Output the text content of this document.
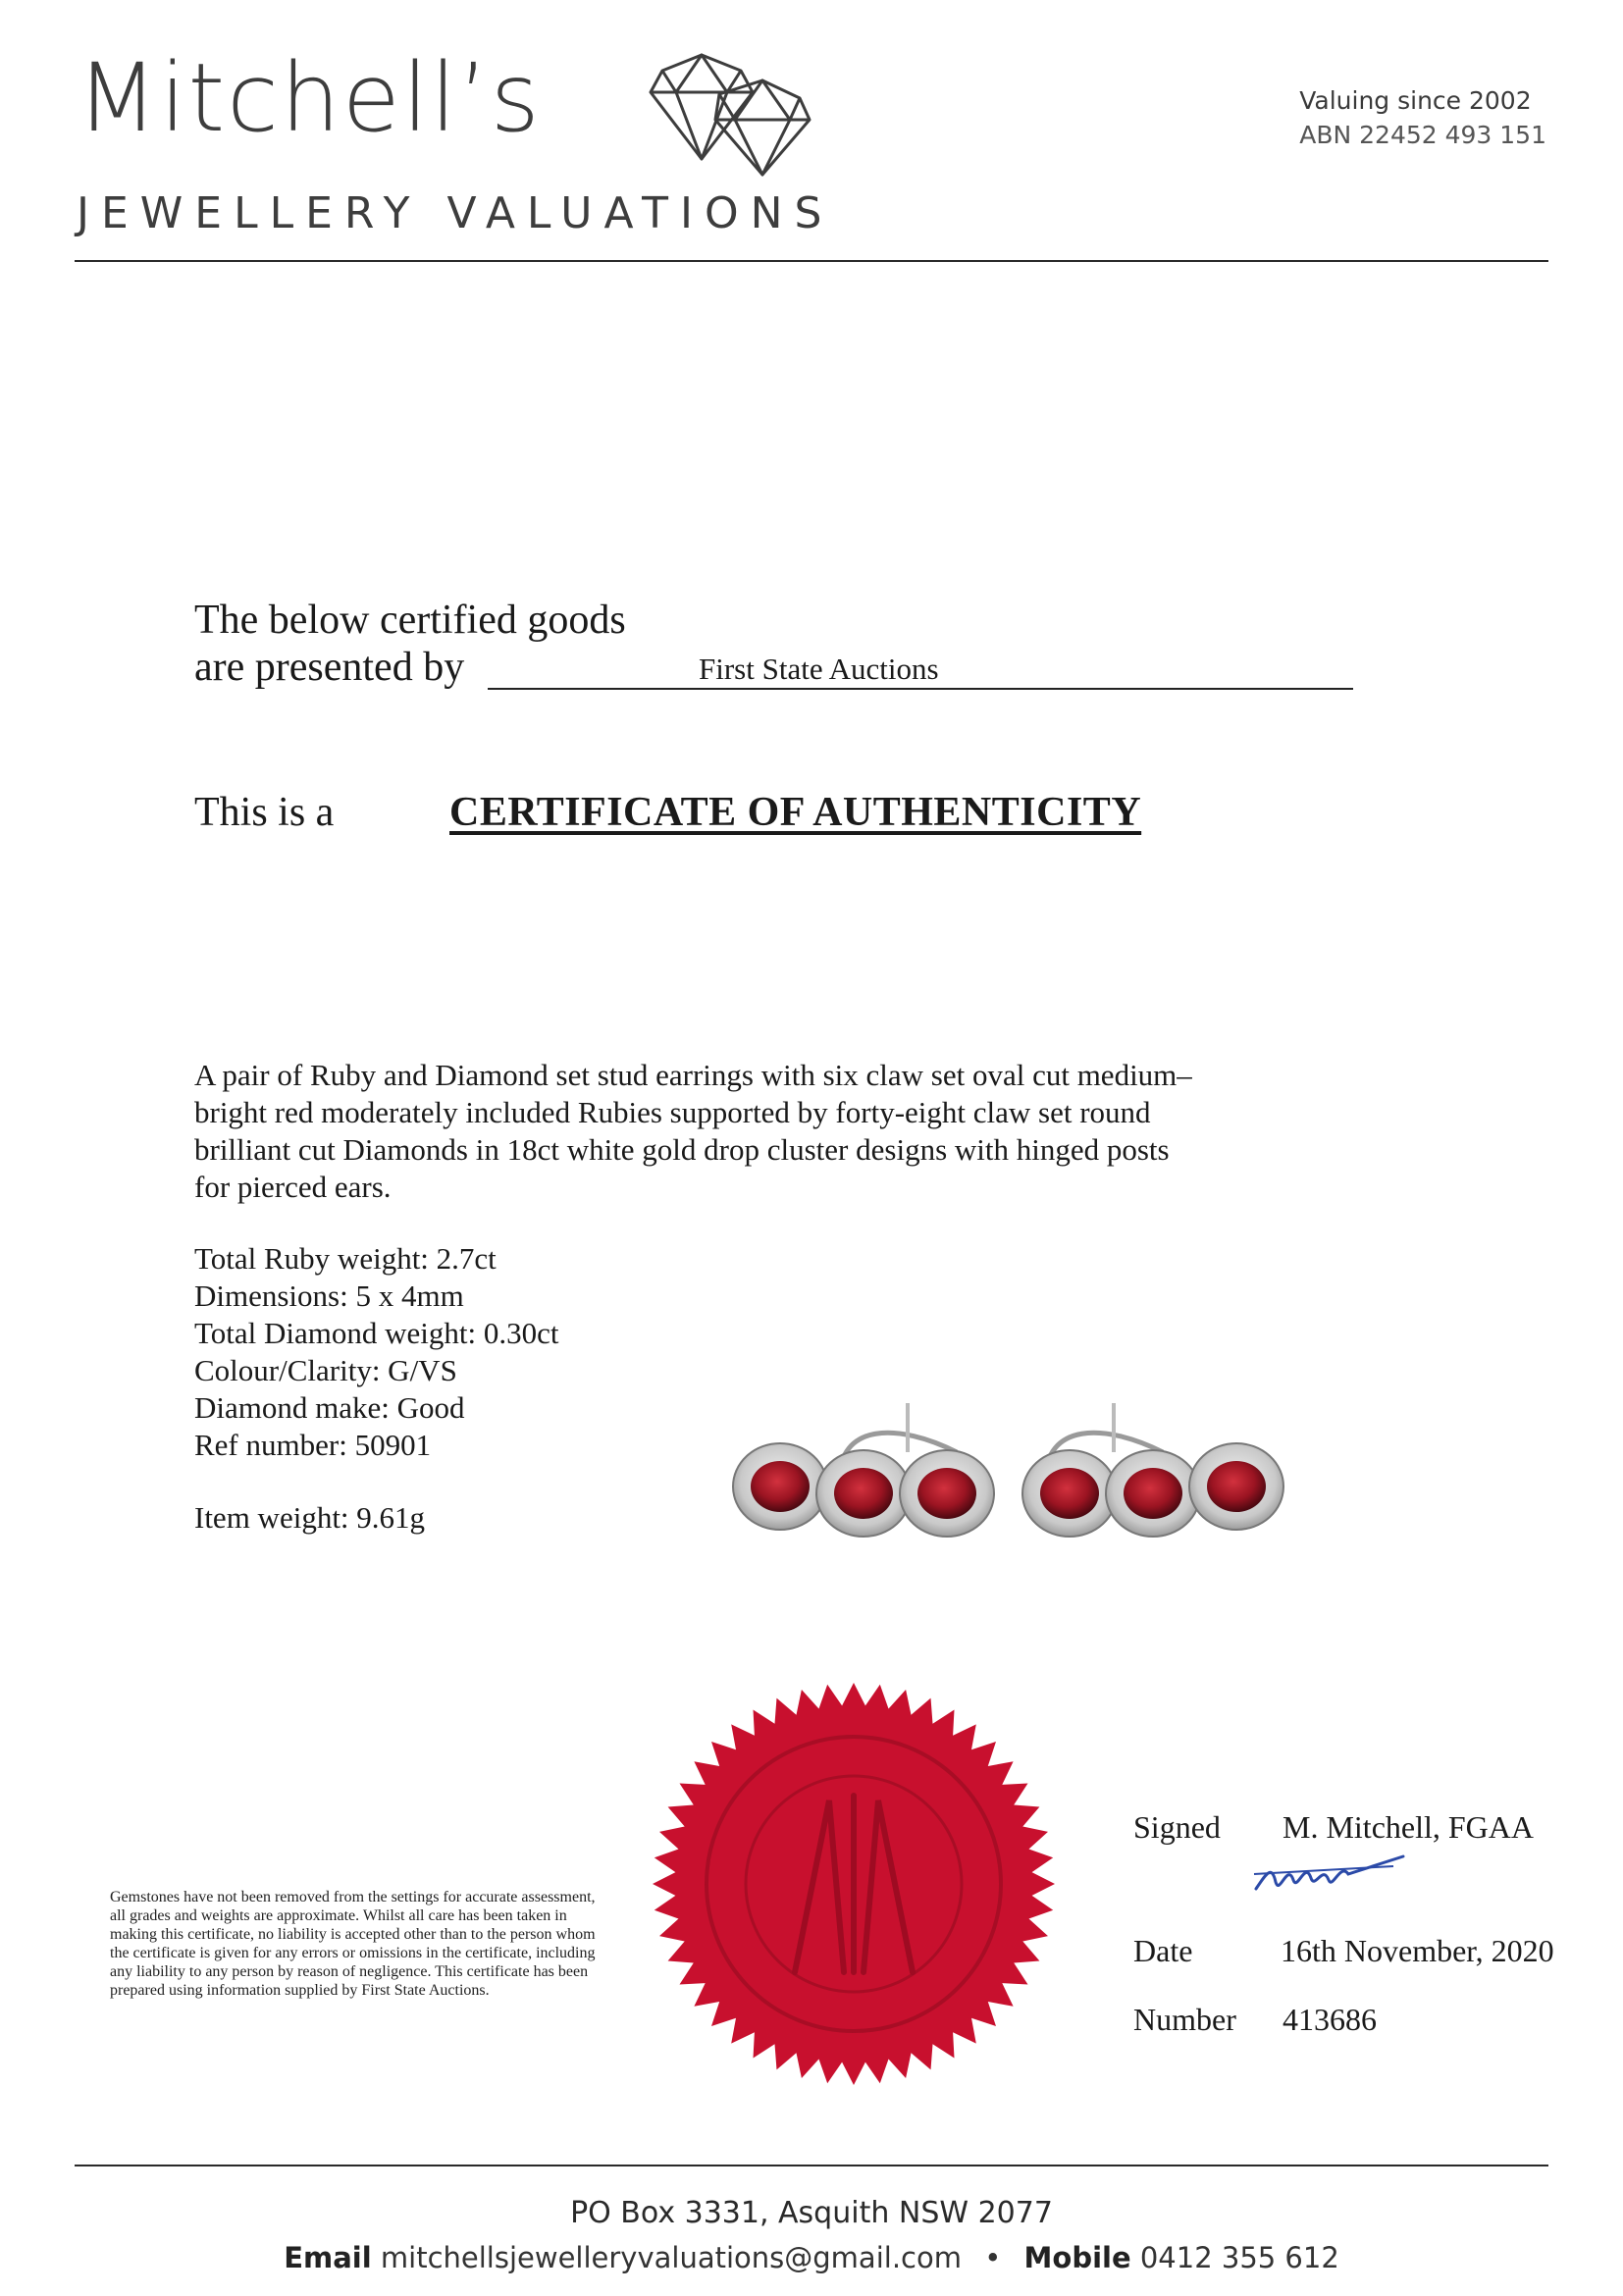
Mitchell’s
JEWELLERY VALUATIONS
Valuing since 2002
ABN 22452 493 151
The below certified goods
are presented by	First State Auctions
This is a	CERTIFICATE OF AUTHENTICITY
A pair of Ruby and Diamond set stud earrings with six claw set oval cut medium–bright red moderately included Rubies supported by forty-eight claw set round brilliant cut Diamonds in 18ct white gold drop cluster designs with hinged posts for pierced ears.
Total Ruby weight: 2.7ct
Dimensions: 5 x 4mm
Total Diamond weight: 0.30ct
Colour/Clarity: G/VS
Diamond make: Good
Ref number: 50901
Item weight: 9.61g
Gemstones have not been removed from the settings for accurate assessment, all grades and weights are approximate. Whilst all care has been taken in making this certificate, no liability is accepted other than to the person whom the certificate is given for any errors or omissions in the certificate, including any liability to any person by reason of negligence. This certificate has been prepared using information supplied by First State Auctions.
Signed M. Mitchell, FGAA
Date	16th November, 2020
Number 413686
PO Box 3331, Asquith NSW 2077
Email mitchellsjewelleryvaluations@gmail.com • Mobile 0412 355 612
